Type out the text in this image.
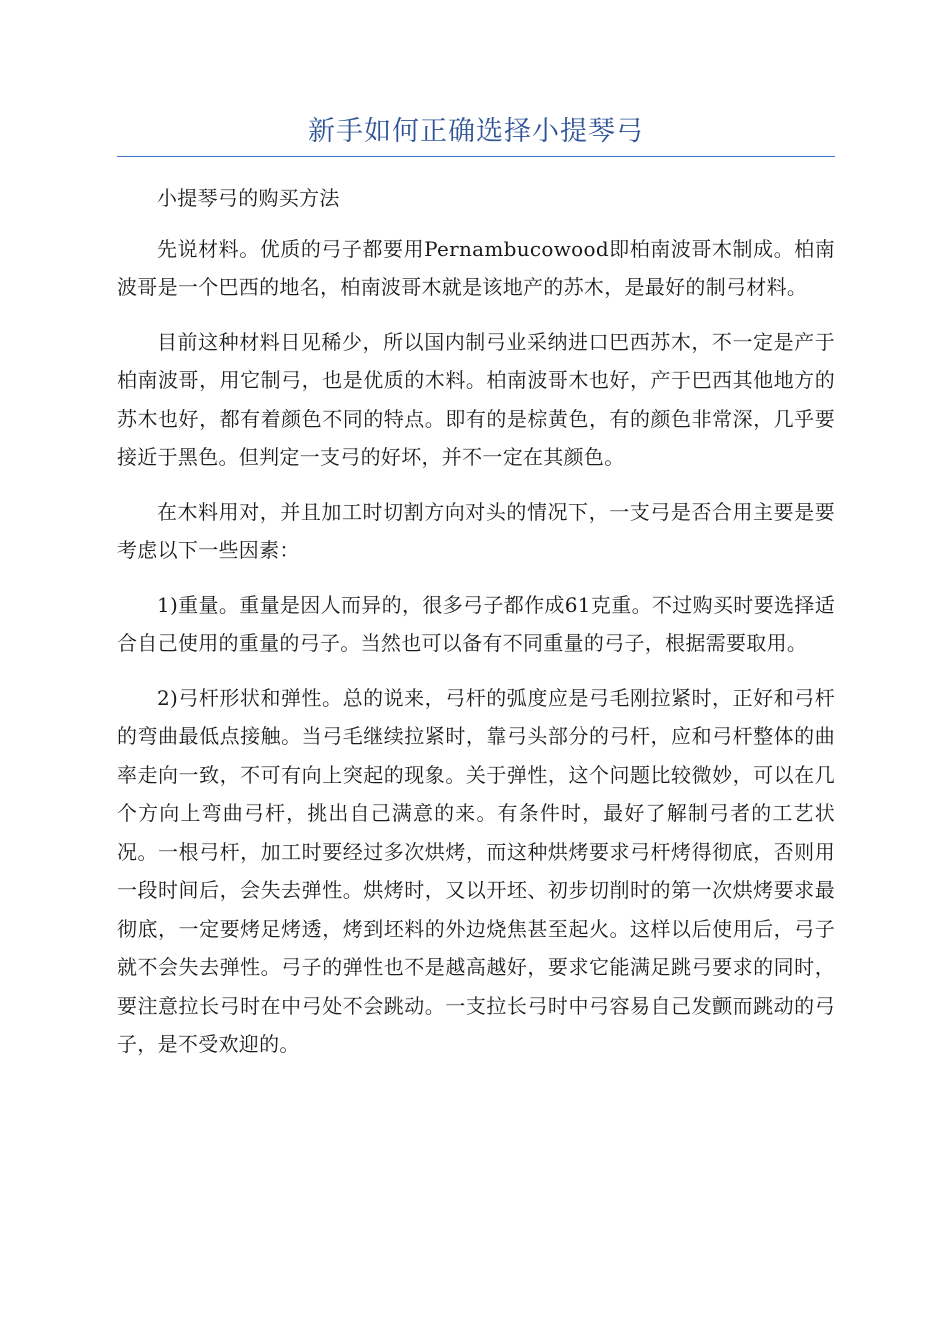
新手如何正确选择小提琴弓

小提琴弓的购买方法

先说材料。优质的弓子都要用Pernambucowood即柏南波哥木制成。柏南波哥是一个巴西的地名，柏南波哥木就是该地产的苏木，是最好的制弓材料。

目前这种材料日见稀少，所以国内制弓业采纳进口巴西苏木，不一定是产于柏南波哥，用它制弓，也是优质的木料。柏南波哥木也好，产于巴西其他地方的苏木也好，都有着颜色不同的特点。即有的是棕黄色，有的颜色非常深，几乎要接近于黑色。但判定一支弓的好坏，并不一定在其颜色。

在木料用对，并且加工时切割方向对头的情况下，一支弓是否合用主要是要考虑以下一些因素：

1)重量。重量是因人而异的，很多弓子都作成61克重。不过购买时要选择适合自己使用的重量的弓子。当然也可以备有不同重量的弓子，根据需要取用。

2)弓杆形状和弹性。总的说来，弓杆的弧度应是弓毛刚拉紧时，正好和弓杆的弯曲最低点接触。当弓毛继续拉紧时，靠弓头部分的弓杆，应和弓杆整体的曲率走向一致，不可有向上突起的现象。关于弹性，这个问题比较微妙，可以在几个方向上弯曲弓杆，挑出自己满意的来。有条件时，最好了解制弓者的工艺状况。一根弓杆，加工时要经过多次烘烤，而这种烘烤要求弓杆烤得彻底，否则用一段时间后，会失去弹性。烘烤时，又以开坯、初步切削时的第一次烘烤要求最彻底，一定要烤足烤透，烤到坯料的外边烧焦甚至起火。这样以后使用后，弓子就不会失去弹性。弓子的弹性也不是越高越好，要求它能满足跳弓要求的同时，要注意拉长弓时在中弓处不会跳动。一支拉长弓时中弓容易自己发颤而跳动的弓子，是不受欢迎的。
